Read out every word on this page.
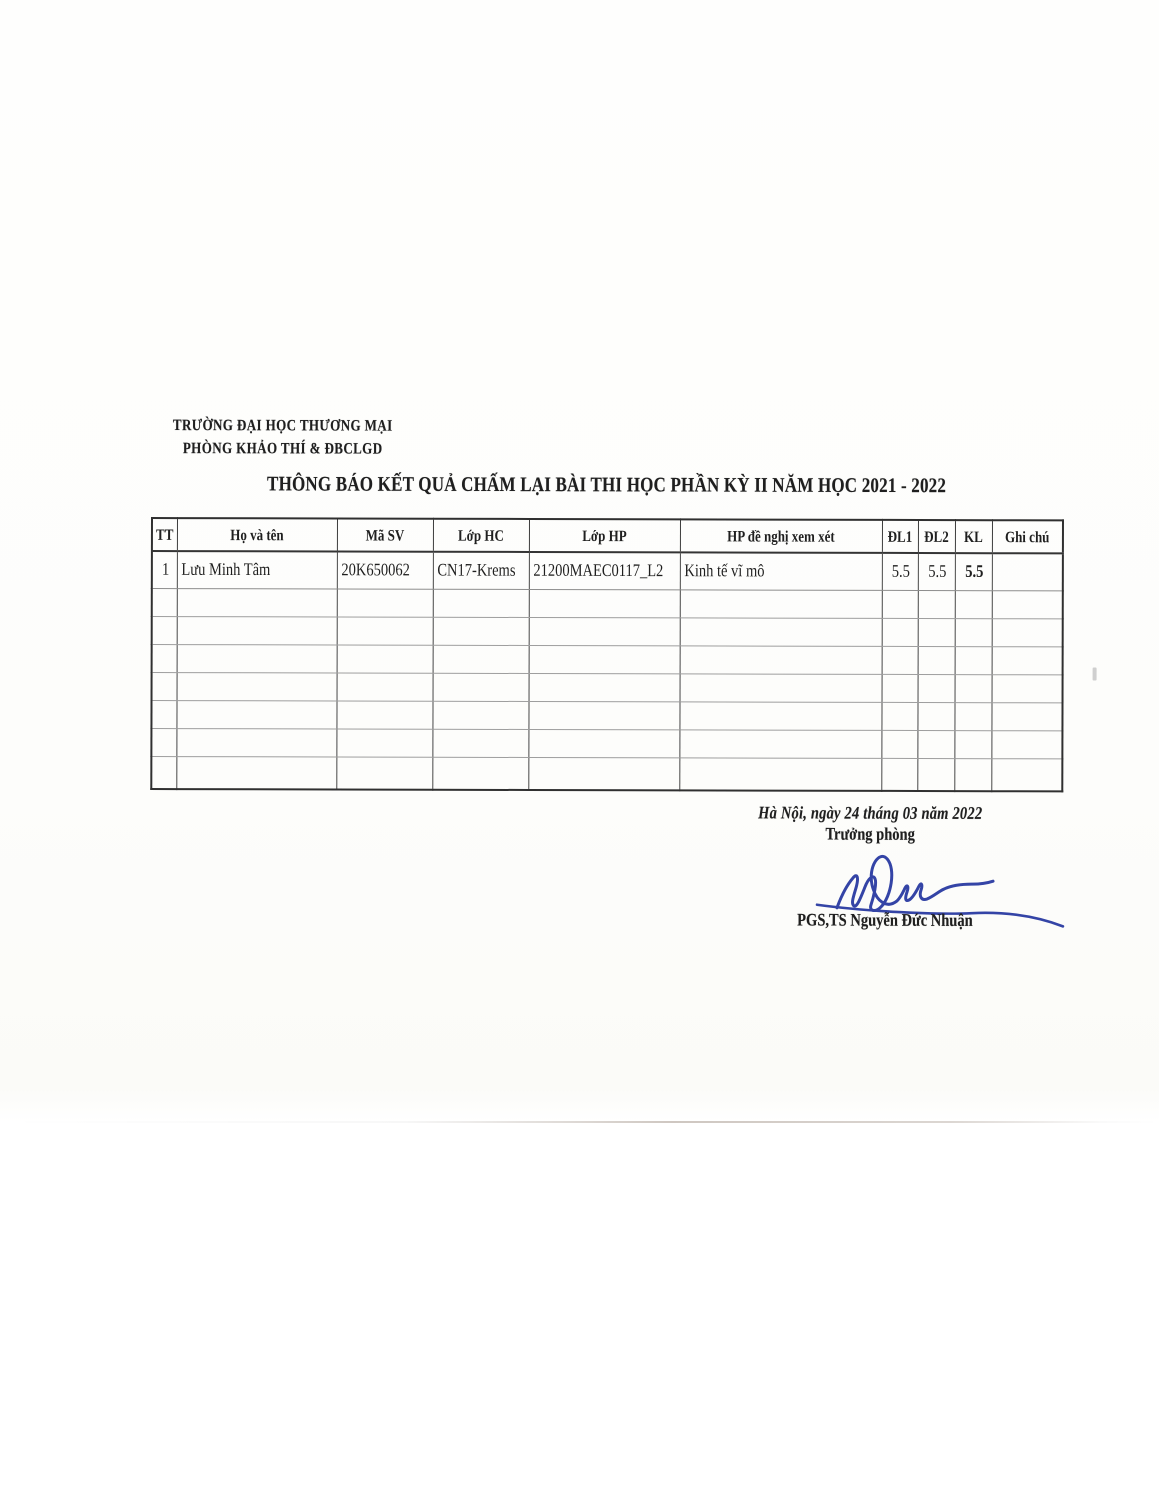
TRƯỜNG ĐẠI HỌC THƯƠNG MẠI
PHÒNG KHẢO THÍ & ĐBCLGD
THÔNG BÁO KẾT QUẢ CHẤM LẠI BÀI THI HỌC PHẦN KỲ II NĂM HỌC 2021 - 2022
TT	Họ và tên	Mã SV	Lớp HC	Lớp HP	HP đề nghị xem xét	ĐL1	ĐL2	KL	Ghi chú
1	Lưu Minh Tâm	20K650062	CN17-Krems	21200MAEC0117_L2	Kinh tế vĩ mô	5.5	5.5	5.5	

Hà Nội, ngày 24 tháng 03 năm 2022
Trưởng phòng
PGS,TS Nguyễn Đức Nhuận
